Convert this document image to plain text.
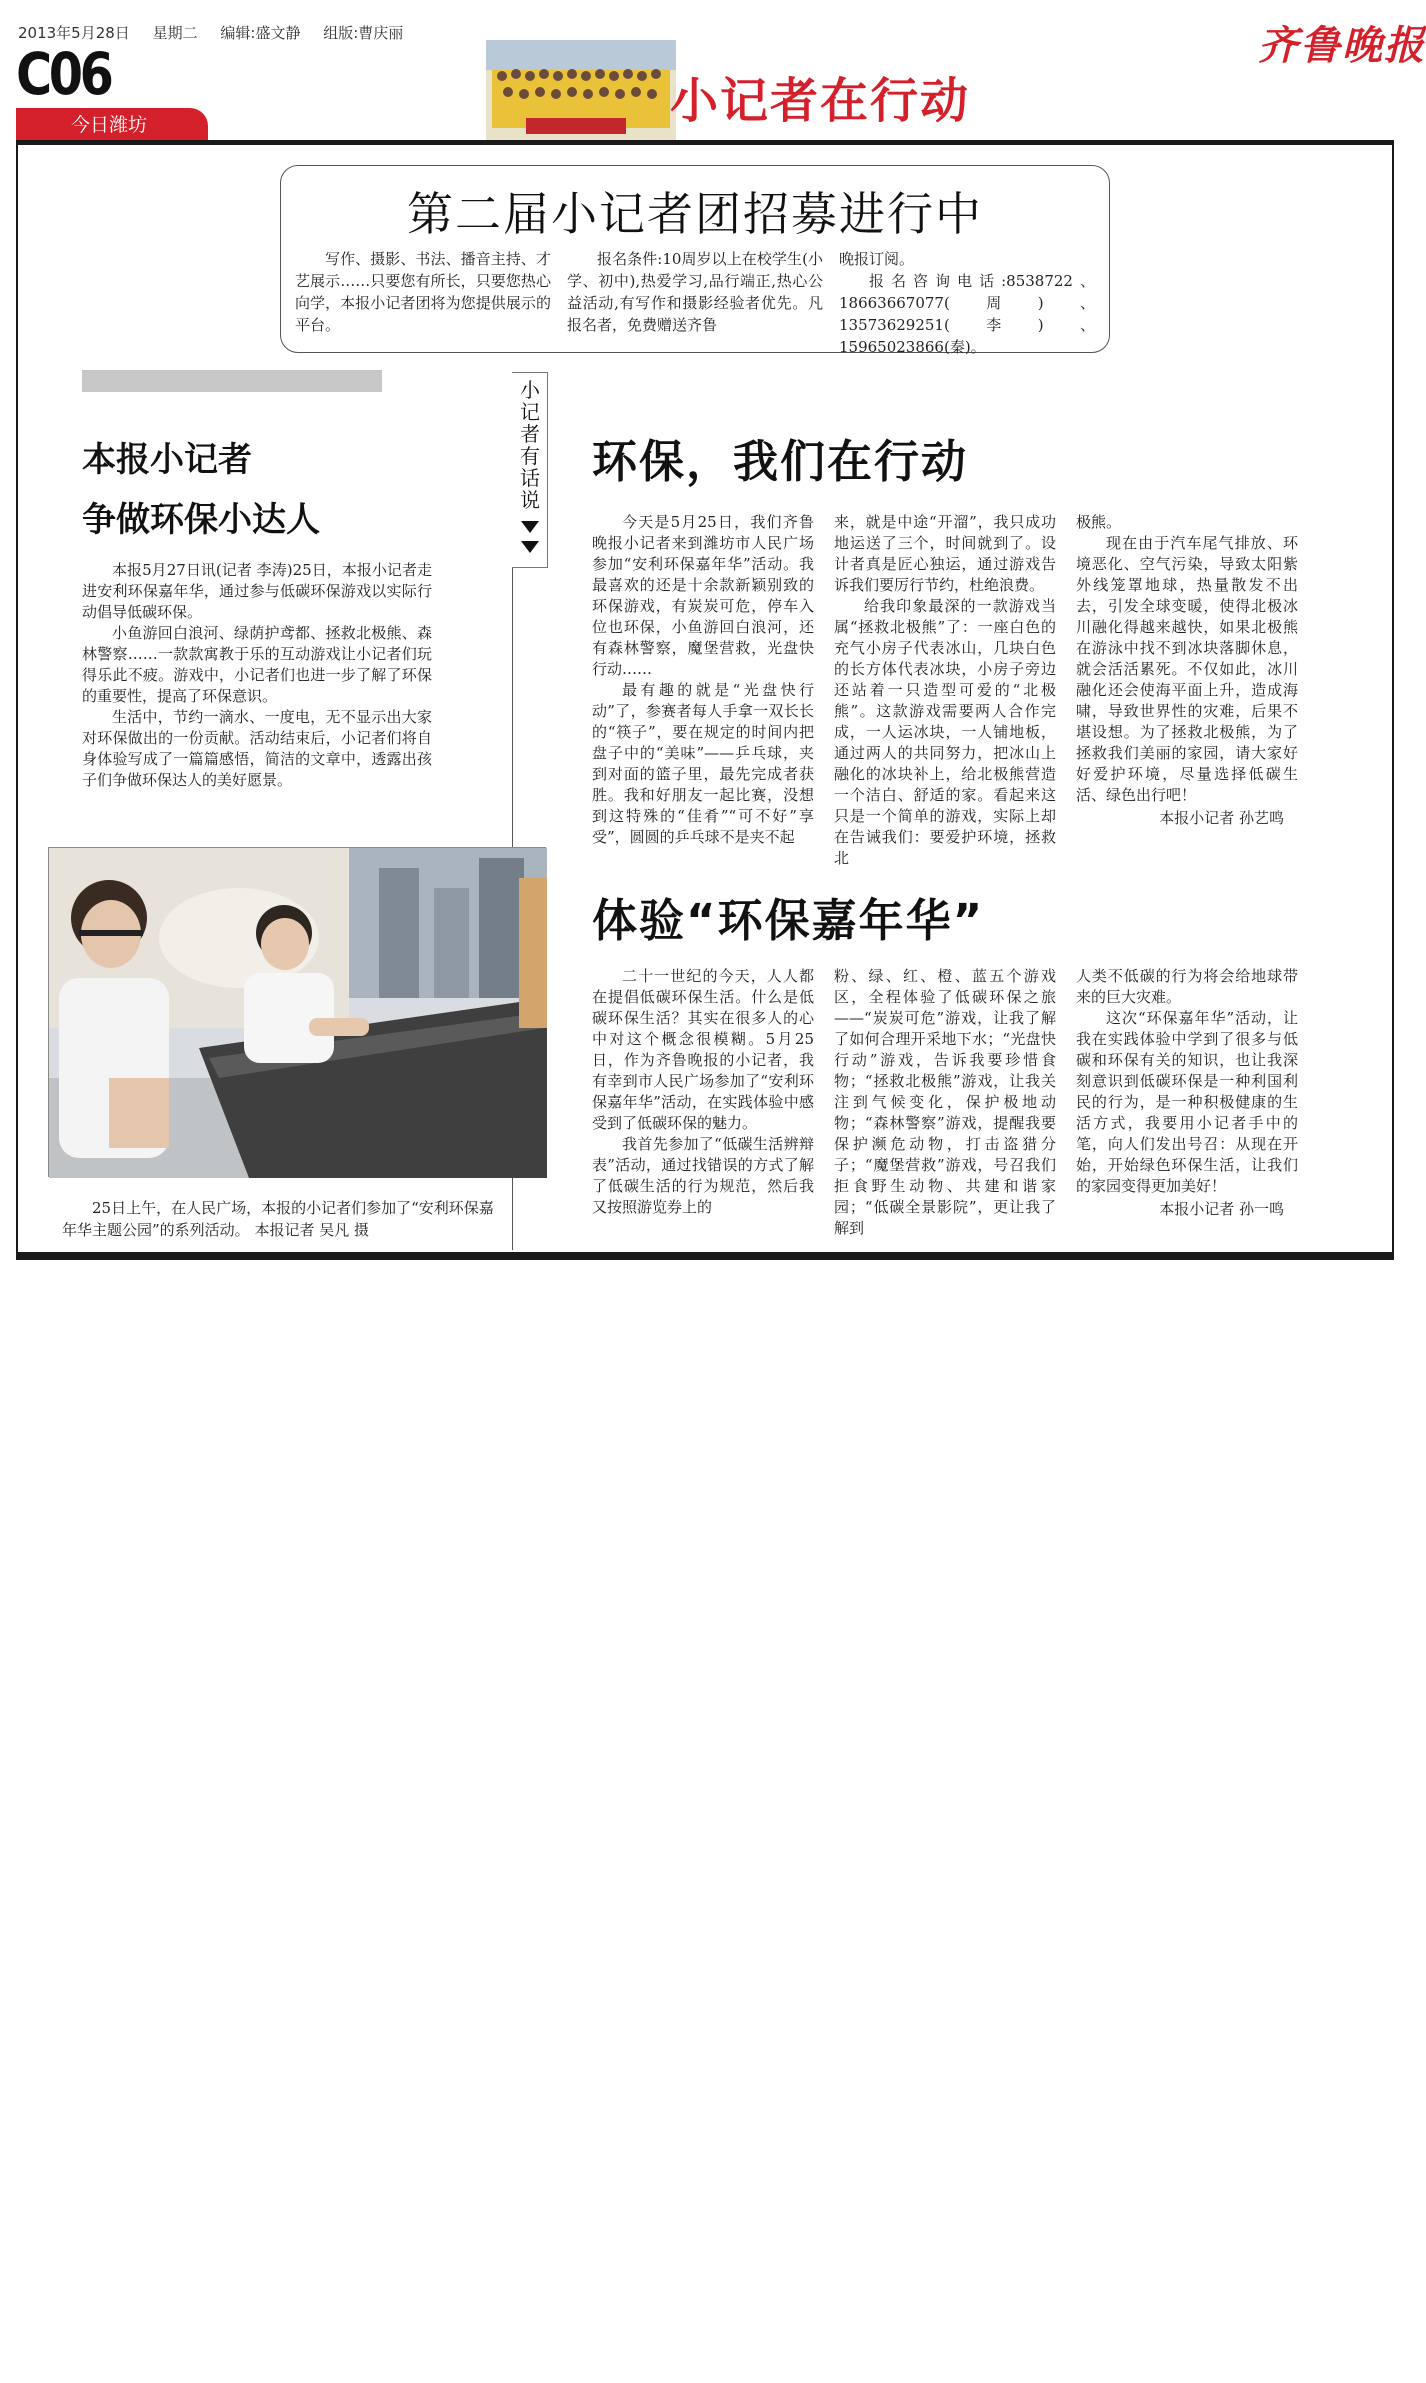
2013年5月28日 星期二 编辑:盛文静 组版:曹庆丽
C06
今日潍坊	小记者在行动
齐鲁晚报
第二届小记者团招募进行中

写作、摄影、书法、播音主持、才艺展示……只要您有所长，只要您热心向学，本报小记者团将为您提供展示的平台。

报名条件:10周岁以上在校学生(小学、初中),热爱学习,品行端正,热心公益活动,有写作和摄影经验者优先。凡报名者，免费赠送齐鲁

晚报订阅。

报名咨询电话:8538722、18663667077(周)、13573629251(李)、15965023866(秦)。

本报小记者
争做环保小达人

本报5月27日讯(记者 李涛)25日，本报小记者走进安利环保嘉年华，通过参与低碳环保游戏以实际行动倡导低碳环保。

小鱼游回白浪河、绿荫护鸢都、拯救北极熊、森林警察……一款款寓教于乐的互动游戏让小记者们玩得乐此不疲。游戏中，小记者们也进一步了解了环保的重要性，提高了环保意识。

生活中，节约一滴水、一度电，无不显示出大家对环保做出的一份贡献。活动结束后，小记者们将自身体验写成了一篇篇感悟，简洁的文章中，透露出孩子们争做环保达人的美好愿景。

25日上午，在人民广场，本报的小记者们参加了“安利环保嘉年华主题公园”的系列活动。 本报记者 吴凡 摄
小记者有话说
环保，我们在行动

今天是5月25日，我们齐鲁晚报小记者来到潍坊市人民广场参加“安利环保嘉年华”活动。我最喜欢的还是十余款新颖别致的环保游戏，有炭炭可危，停车入位也环保，小鱼游回白浪河，还有森林警察，魔堡营救，光盘快行动……

最有趣的就是“光盘快行动”了，参赛者每人手拿一双长长的“筷子”，要在规定的时间内把盘子中的“美味”——乒乓球，夹到对面的篮子里，最先完成者获胜。我和好朋友一起比赛，没想到这特殊的“佳肴”“可不好”享受”，圆圆的乒乓球不是夹不起

来，就是中途“开溜”，我只成功地运送了三个，时间就到了。设计者真是匠心独运，通过游戏告诉我们要厉行节约，杜绝浪费。

给我印象最深的一款游戏当属“拯救北极熊”了：一座白色的充气小房子代表冰山，几块白色的长方体代表冰块，小房子旁边还站着一只造型可爱的“北极熊”。这款游戏需要两人合作完成，一人运冰块，一人铺地板，通过两人的共同努力，把冰山上融化的冰块补上，给北极熊营造一个洁白、舒适的家。看起来这只是一个简单的游戏，实际上却在告诫我们：要爱护环境，拯救北

极熊。

现在由于汽车尾气排放、环境恶化、空气污染，导致太阳紫外线笼罩地球，热量散发不出去，引发全球变暖，使得北极冰川融化得越来越快，如果北极熊在游泳中找不到冰块落脚休息，就会活活累死。不仅如此，冰川融化还会使海平面上升，造成海啸，导致世界性的灾难，后果不堪设想。为了拯救北极熊，为了拯救我们美丽的家园，请大家好好爱护环境，尽量选择低碳生活、绿色出行吧！

本报小记者 孙艺鸣
体验“环保嘉年华”

二十一世纪的今天，人人都在提倡低碳环保生活。什么是低碳环保生活？其实在很多人的心中对这个概念很模糊。5月25日，作为齐鲁晚报的小记者，我有幸到市人民广场参加了“安利环保嘉年华”活动，在实践体验中感受到了低碳环保的魅力。

我首先参加了“低碳生活辨辩表”活动，通过找错误的方式了解了低碳生活的行为规范，然后我又按照游览券上的

粉、绿、红、橙、蓝五个游戏区，全程体验了低碳环保之旅——“炭炭可危”游戏，让我了解了如何合理开采地下水；“光盘快行动”游戏，告诉我要珍惜食物；“拯救北极熊”游戏，让我关注到气候变化，保护极地动物；“森林警察”游戏，提醒我要保护濒危动物，打击盗猎分子；“魔堡营救”游戏，号召我们拒食野生动物、共建和谐家园；“低碳全景影院”，更让我了解到

人类不低碳的行为将会给地球带来的巨大灾难。

这次“环保嘉年华”活动，让我在实践体验中学到了很多与低碳和环保有关的知识，也让我深刻意识到低碳环保是一种利国利民的行为，是一种积极健康的生活方式，我要用小记者手中的笔，向人们发出号召：从现在开始，开始绿色环保生活，让我们的家园变得更加美好！

本报小记者 孙一鸣
